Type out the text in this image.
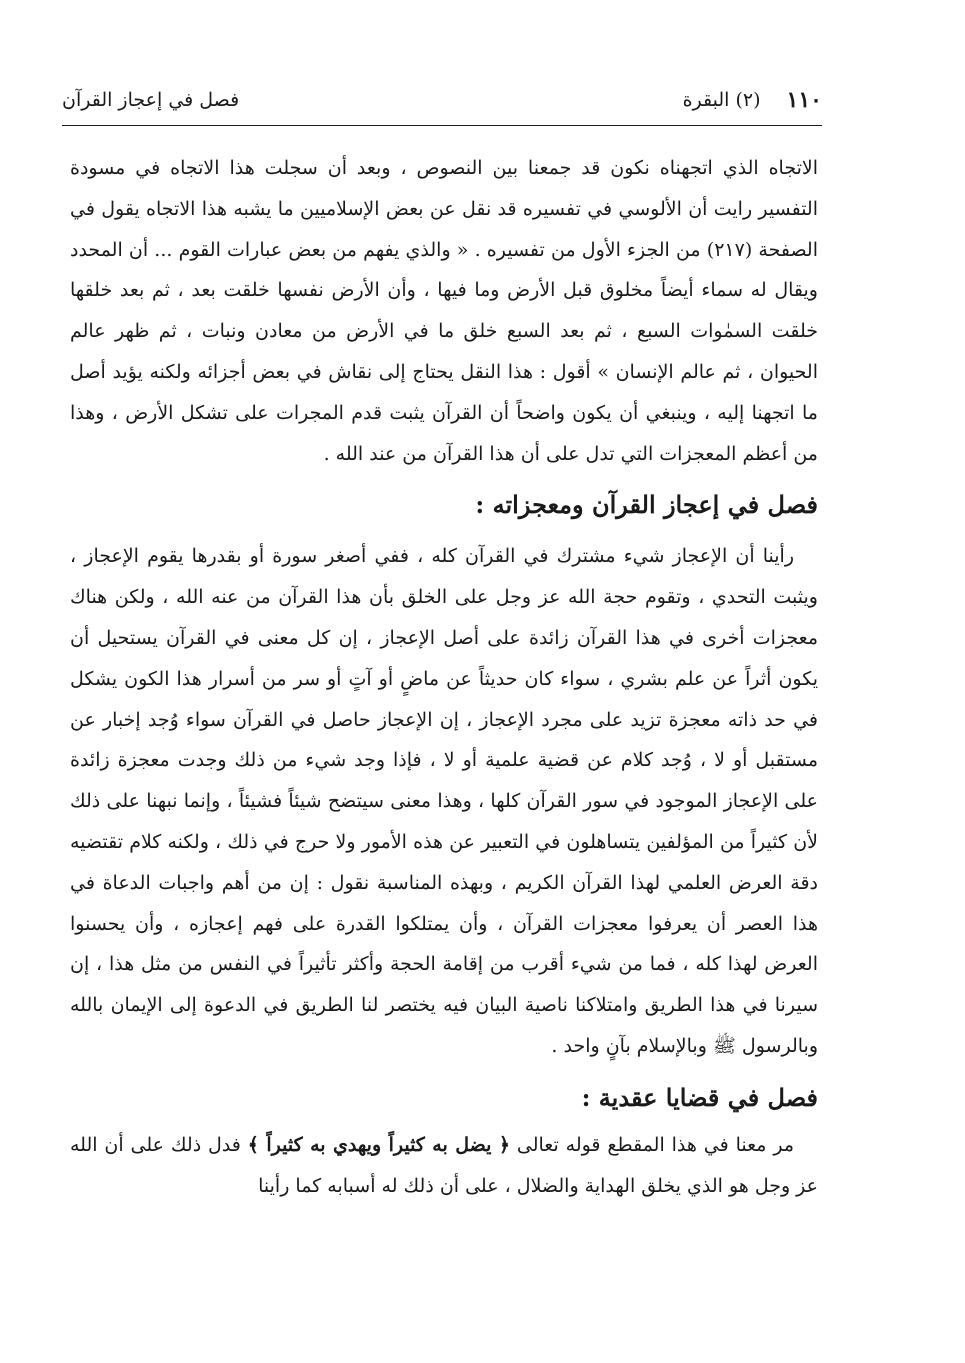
١١٠
(٢) البقرة
فصل في إعجاز القرآن

الاتجاه الذي اتجهناه نكون قد جمعنا بين النصوص ، وبعد أن سجلت هذا الاتجاه في مسودة التفسير رايت أن الألوسي في تفسيره قد نقل عن بعض الإسلاميين ما يشبه هذا الاتجاه يقول في الصفحة (٢١٧) من الجزء الأول من تفسيره . « والذي يفهم من بعض عبارات القوم ... أن المحدد ويقال له سماء أيضاً مخلوق قبل الأرض وما فيها ، وأن الأرض نفسها خلقت بعد ، ثم بعد خلقها خلقت السمٰوات السبع ، ثم بعد السبع خلق ما في الأرض من معادن ونبات ، ثم ظهر عالم الحيوان ، ثم عالم الإنسان » أقول : هذا النقل يحتاج إلى نقاش في بعض أجزائه ولكنه يؤيد أصل ما اتجهنا إليه ، وينبغي أن يكون واضحاً أن القرآن يثبت قدم المجرات على تشكل الأرض ، وهذا من أعظم المعجزات التي تدل على أن هذا القرآن من عند الله .

فصل في إعجاز القرآن ومعجزاته :

رأينا أن الإعجاز شيء مشترك في القرآن كله ، ففي أصغر سورة أو بقدرها يقوم الإعجاز ، ويثبت التحدي ، وتقوم حجة الله عز وجل على الخلق بأن هذا القرآن من عنه الله ، ولكن هناك معجزات أخرى في هذا القرآن زائدة على أصل الإعجاز ، إن كل معنى في القرآن يستحيل أن يكون أثراً عن علم بشري ، سواء كان حديثاً عن ماضٍ أو آتٍ أو سر من أسرار هذا الكون يشكل في حد ذاته معجزة تزيد على مجرد الإعجاز ، إن الإعجاز حاصل في القرآن سواء وُجد إخبار عن مستقبل أو لا ، وُجد كلام عن قضية علمية أو لا ، فإذا وجد شيء من ذلك وجدت معجزة زائدة على الإعجاز الموجود في سور القرآن كلها ، وهذا معنى سيتضح شيئاً فشيئاً ، وإنما نبهنا على ذلك لأن كثيراً من المؤلفين يتساهلون في التعبير عن هذه الأمور ولا حرج في ذلك ، ولكنه كلام تقتضيه دقة العرض العلمي لهذا القرآن الكريم ، وبهذه المناسبة نقول : إن من أهم واجبات الدعاة في هذا العصر أن يعرفوا معجزات القرآن ، وأن يمتلكوا القدرة على فهم إعجازه ، وأن يحسنوا العرض لهذا كله ، فما من شيء أقرب من إقامة الحجة وأكثر تأثيراً في النفس من مثل هذا ، إن سيرنا في هذا الطريق وامتلاكنا ناصية البيان فيه يختصر لنا الطريق في الدعوة إلى الإيمان بالله وبالرسول ﷺ وبالإسلام بآنٍ واحد .

فصل في قضايا عقدية :

مر معنا في هذا المقطع قوله تعالى ﴿ يضل به كثيراً ويهدي به كثيراً ﴾ فدل ذلك على أن الله عز وجل هو الذي يخلق الهداية والضلال ، على أن ذلك له أسبابه كما رأينا
